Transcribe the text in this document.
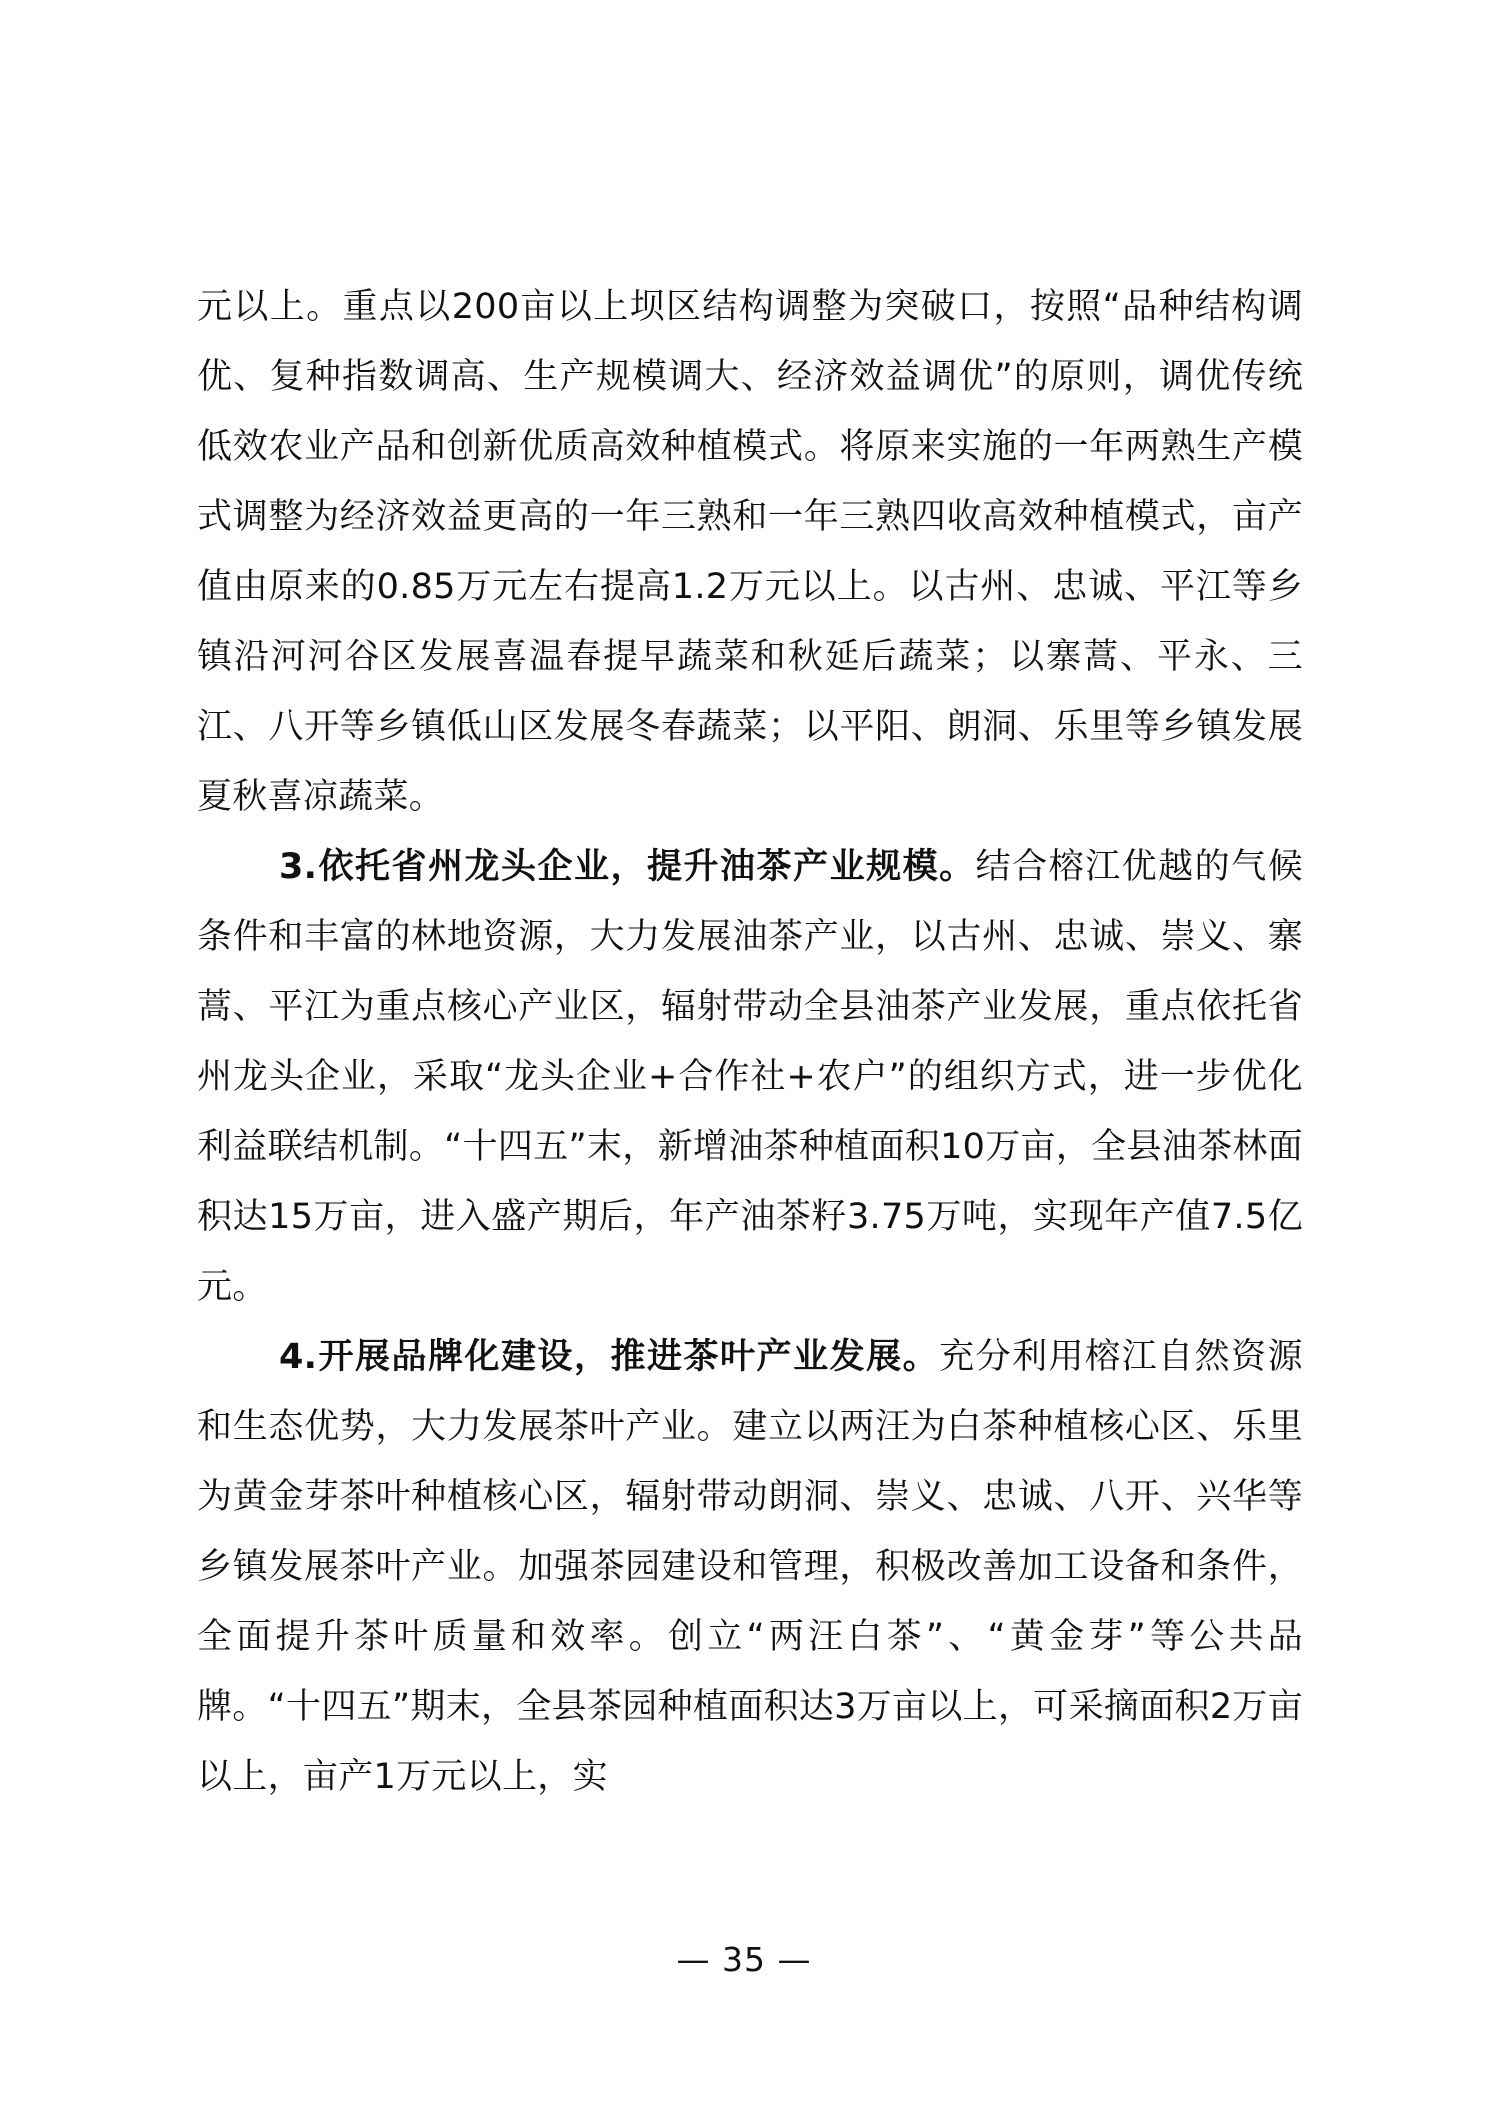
元以上。重点以200亩以上坝区结构调整为突破口，按照“品种结构调优、复种指数调高、生产规模调大、经济效益调优”的原则，调优传统低效农业产品和创新优质高效种植模式。将原来实施的一年两熟生产模式调整为经济效益更高的一年三熟和一年三熟四收高效种植模式，亩产值由原来的0.85万元左右提高1.2万元以上。以古州、忠诚、平江等乡镇沿河河谷区发展喜温春提早蔬菜和秋延后蔬菜；以寨蒿、平永、三江、八开等乡镇低山区发展冬春蔬菜；以平阳、朗洞、乐里等乡镇发展夏秋喜凉蔬菜。

3.依托省州龙头企业，提升油茶产业规模。结合榕江优越的气候条件和丰富的林地资源，大力发展油茶产业，以古州、忠诚、崇义、寨蒿、平江为重点核心产业区，辐射带动全县油茶产业发展，重点依托省州龙头企业，采取“龙头企业+合作社+农户”的组织方式，进一步优化利益联结机制。“十四五”末，新增油茶种植面积10万亩，全县油茶林面积达15万亩，进入盛产期后，年产油茶籽3.75万吨，实现年产值7.5亿元。

4.开展品牌化建设，推进茶叶产业发展。充分利用榕江自然资源和生态优势，大力发展茶叶产业。建立以两汪为白茶种植核心区、乐里为黄金芽茶叶种植核心区，辐射带动朗洞、崇义、忠诚、八开、兴华等乡镇发展茶叶产业。加强茶园建设和管理，积极改善加工设备和条件，全面提升茶叶质量和效率。创立“两汪白茶”、“黄金芽”等公共品牌。“十四五”期末，全县茶园种植面积达3万亩以上，可采摘面积2万亩以上，亩产1万元以上，实

— 35 —
